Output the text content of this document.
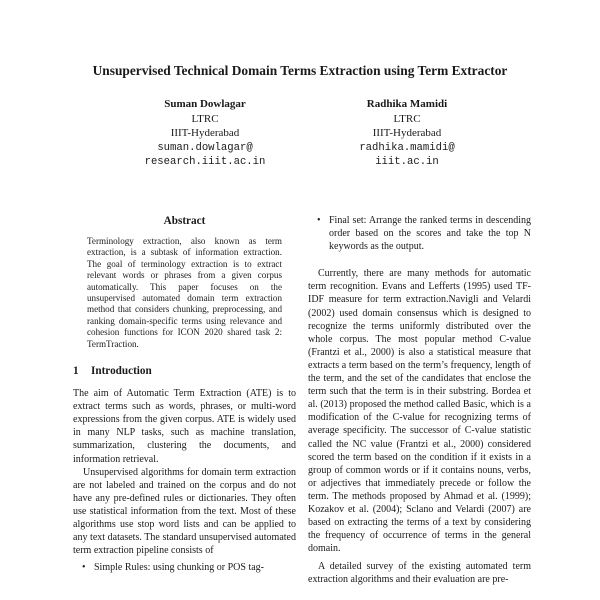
Unsupervised Technical Domain Terms Extraction using Term Extractor
Suman Dowlagar
LTRC
IIIT-Hyderabad
suman.dowlagar@
research.iiit.ac.in
Radhika Mamidi
LTRC
IIIT-Hyderabad
radhika.mamidi@
iiit.ac.in
Abstract

Terminology extraction, also known as term extraction, is a subtask of information extraction. The goal of terminology extraction is to extract relevant words or phrases from a given corpus automatically. This paper focuses on the unsupervised automated domain term extraction method that considers chunking, preprocessing, and ranking domain-specific terms using relevance and cohesion functions for ICON 2020 shared task 2: TermTraction.

1 Introduction

The aim of Automatic Term Extraction (ATE) is to extract terms such as words, phrases, or multi-word expressions from the given corpus. ATE is widely used in many NLP tasks, such as machine translation, summarization, clustering the documents, and information retrieval.

Unsupervised algorithms for domain term extraction are not labeled and trained on the corpus and do not have any pre-defined rules or dictionaries. They often use statistical information from the text. Most of these algorithms use stop word lists and can be applied to any text datasets. The standard unsupervised automated term extraction pipeline consists of

• Simple Rules: using chunking or POS tag-
• Final set: Arrange the ranked terms in descending order based on the scores and take the top N keywords as the output.

Currently, there are many methods for automatic term recognition. Evans and Lefferts (1995) used TF-IDF measure for term extraction.Navigli and Velardi (2002) used domain consensus which is designed to recognize the terms uniformly distributed over the whole corpus. The most popular method C-value (Frantzi et al., 2000) is also a statistical measure that extracts a term based on the term’s frequency, length of the term, and the set of the candidates that enclose the term such that the term is in their substring. Bordea et al. (2013) proposed the method called Basic, which is a modification of the C-value for recognizing terms of average specificity. The successor of C-value statistic called the NC value (Frantzi et al., 2000) considered scored the term based on the condition if it exists in a group of common words or if it contains nouns, verbs, or adjectives that immediately precede or follow the term. The methods proposed by Ahmad et al. (1999); Kozakov et al. (2004); Sclano and Velardi (2007) are based on extracting the terms of a text by considering the frequency of occurrence of terms in the general domain.

A detailed survey of the existing automated term extraction algorithms and their evaluation are pre-
